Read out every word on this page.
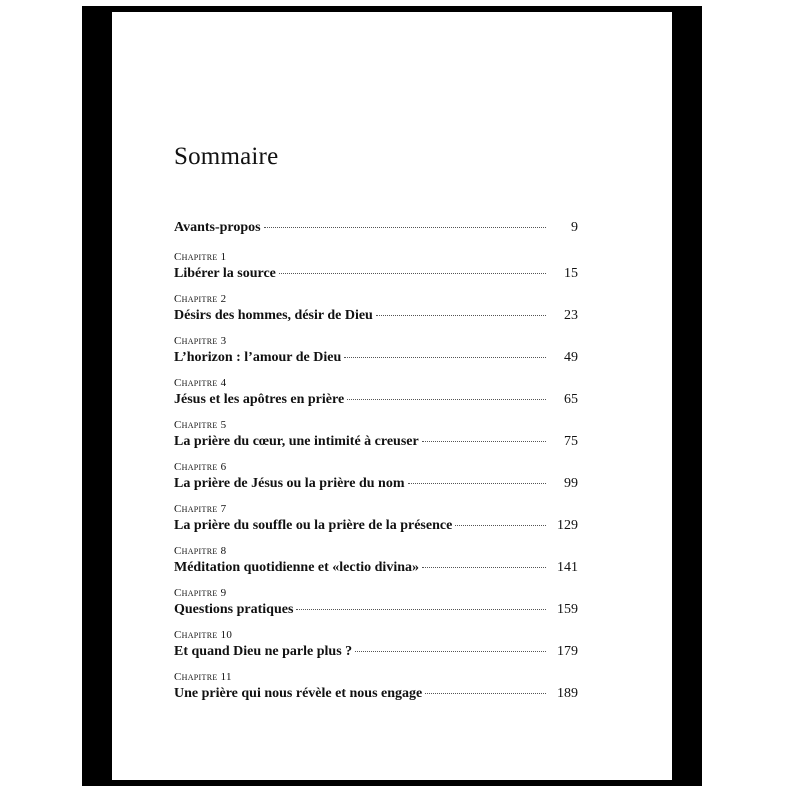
Sommaire
Avants-propos	9
Chapitre 1
Libérer la source	15
Chapitre 2
Désirs des hommes, désir de Dieu	23
Chapitre 3
L’horizon : l’amour de Dieu	49
Chapitre 4
Jésus et les apôtres en prière	65
Chapitre 5
La prière du cœur, une intimité à creuser	75
Chapitre 6
La prière de Jésus ou la prière du nom	99
Chapitre 7
La prière du souffle ou la prière de la présence	129
Chapitre 8
Méditation quotidienne et «lectio divina»	141
Chapitre 9
Questions pratiques	159
Chapitre 10
Et quand Dieu ne parle plus ?	179
Chapitre 11
Une prière qui nous révèle et nous engage	189
